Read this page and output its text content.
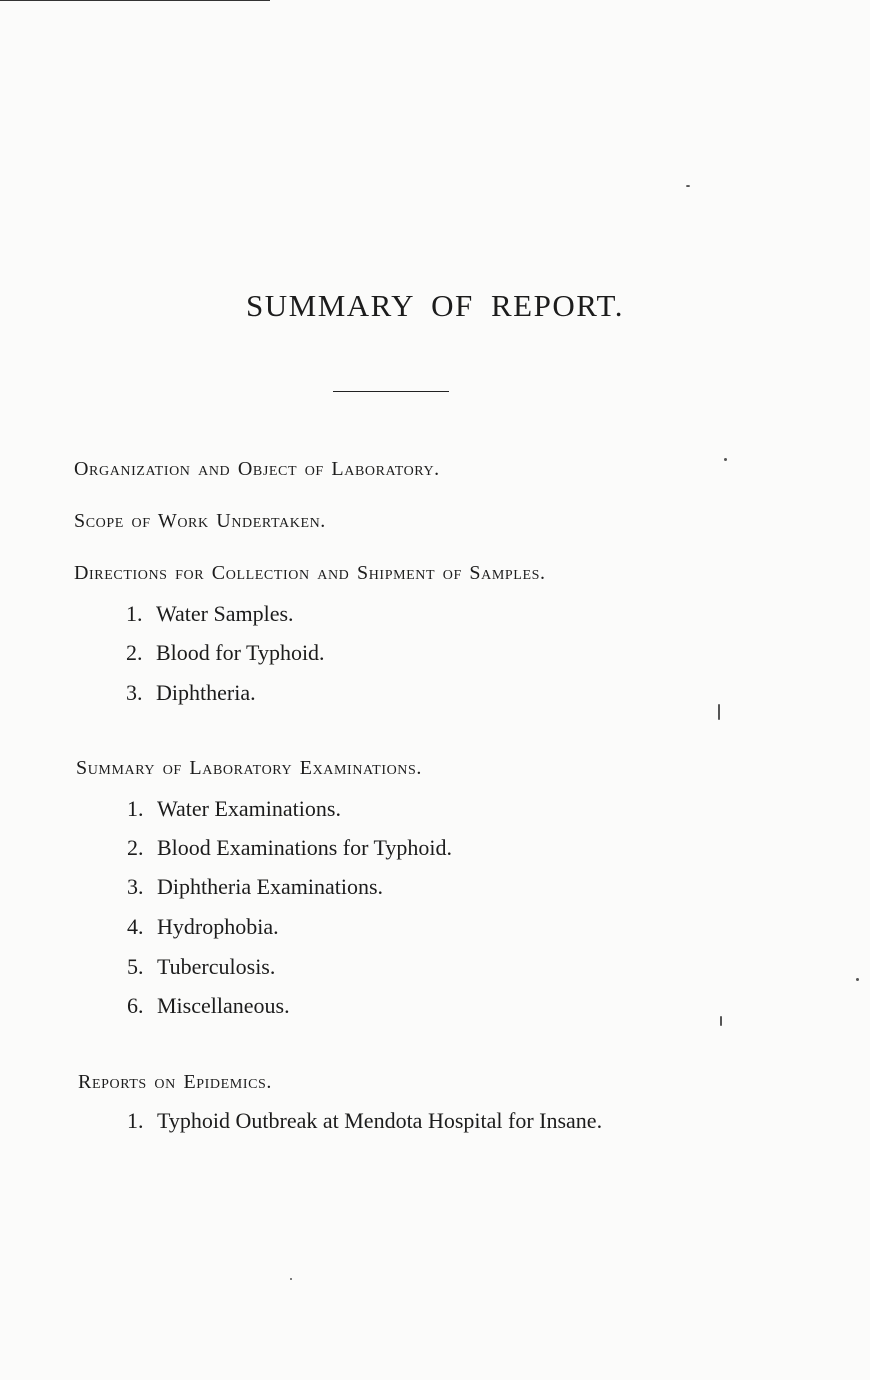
SUMMARY OF REPORT.
Organization and Object of Laboratory.
Scope of Work Undertaken.
Directions for Collection and Shipment of Samples.
1. Water Samples.
2. Blood for Typhoid.
3. Diphtheria.
Summary of Laboratory Examinations.
1. Water Examinations.
2. Blood Examinations for Typhoid.
3. Diphtheria Examinations.
4. Hydrophobia.
5. Tuberculosis.
6. Miscellaneous.
Reports on Epidemics.
1. Typhoid Outbreak at Mendota Hospital for Insane.
